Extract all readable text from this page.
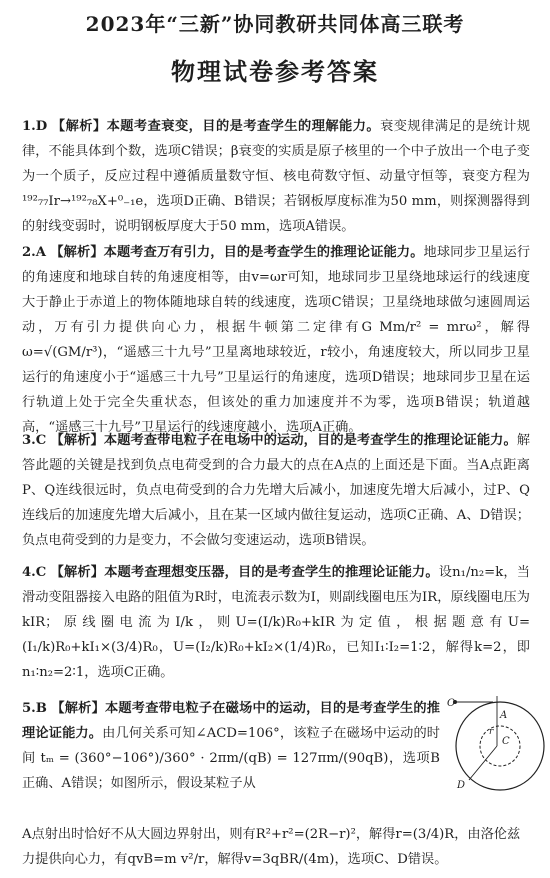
2023年“三新”协同教研共同体高三联考
物理试卷参考答案
1.D 【解析】本题考查衰变，目的是考查学生的理解能力。衰变规律满足的是统计规律，不能具体到个数，选项C错误；β衰变的实质是原子核里的一个中子放出一个电子变为一个质子，反应过程中遵循质量数守恒、核电荷数守恒、动量守恒等，衰变方程为¹⁹²₇₇Ir→¹⁹²₇₈X+⁰₋₁e，选项D正确、B错误；若钢板厚度标准为50 mm，则探测器得到的射线变弱时，说明钢板厚度大于50 mm，选项A错误。
2.A 【解析】本题考查万有引力，目的是考查学生的推理论证能力。地球同步卫星运行的角速度和地球自转的角速度相等，由v=ωr可知，地球同步卫星绕地球运行的线速度大于静止于赤道上的物体随地球自转的线速度，选项C错误；卫星绕地球做匀速圆周运动，万有引力提供向心力，根据牛顿第二定律有G Mm/r² = mrω²，解得ω=√(GM/r³)，“遥感三十九号”卫星离地球较近，r较小，角速度较大，所以同步卫星运行的角速度小于“遥感三十九号”卫星运行的角速度，选项D错误；地球同步卫星在运行轨道上处于完全失重状态，但该处的重力加速度并不为零，选项B错误；轨道越高，“遥感三十九号”卫星运行的线速度越小，选项A正确。
3.C 【解析】本题考查带电粒子在电场中的运动，目的是考查学生的推理论证能力。解答此题的关键是找到负点电荷受到的合力最大的点在A点的上面还是下面。当A点距离P、Q连线很远时，负点电荷受到的合力先增大后减小，加速度先增大后减小，过P、Q连线后的加速度先增大后减小，且在某一区域内做往复运动，选项C正确、A、D错误；负点电荷受到的力是变力，不会做匀变速运动，选项B错误。
4.C 【解析】本题考查理想变压器，目的是考查学生的推理论证能力。设n₁/n₂=k，当滑动变阻器接入电路的阻值为R时，电流表示数为I，则副线圈电压为IR，原线圈电压为kIR；原线圈电流为I/k，则U=(I/k)R₀+kIR为定值，根据题意有U=(I₁/k)R₀+kI₁×(3/4)R₀，U=(I₂/k)R₀+kI₂×(1/4)R₀，已知I₁∶I₂=1∶2，解得k=2，即n₁∶n₂=2∶1，选项C正确。
5.B 【解析】本题考查带电粒子在磁场中的运动，目的是考查学生的推理论证能力。由几何关系可知∠ACD=106°，该粒子在磁场中运动的时间 tₘ = (360°−106°)/360° · 2πm/(qB) = 127πm/(90qB)，选项B正确、A错误；如图所示，假设某粒子从
A点射出时恰好不从大圆边界射出，则有R²+r²=(2R−r)²，解得r=(3/4)R，由洛伦兹力提供向心力，有qvB=m v²/r，解得v=3qBR/(4m)，选项C、D错误。
O
A
C
r
D
